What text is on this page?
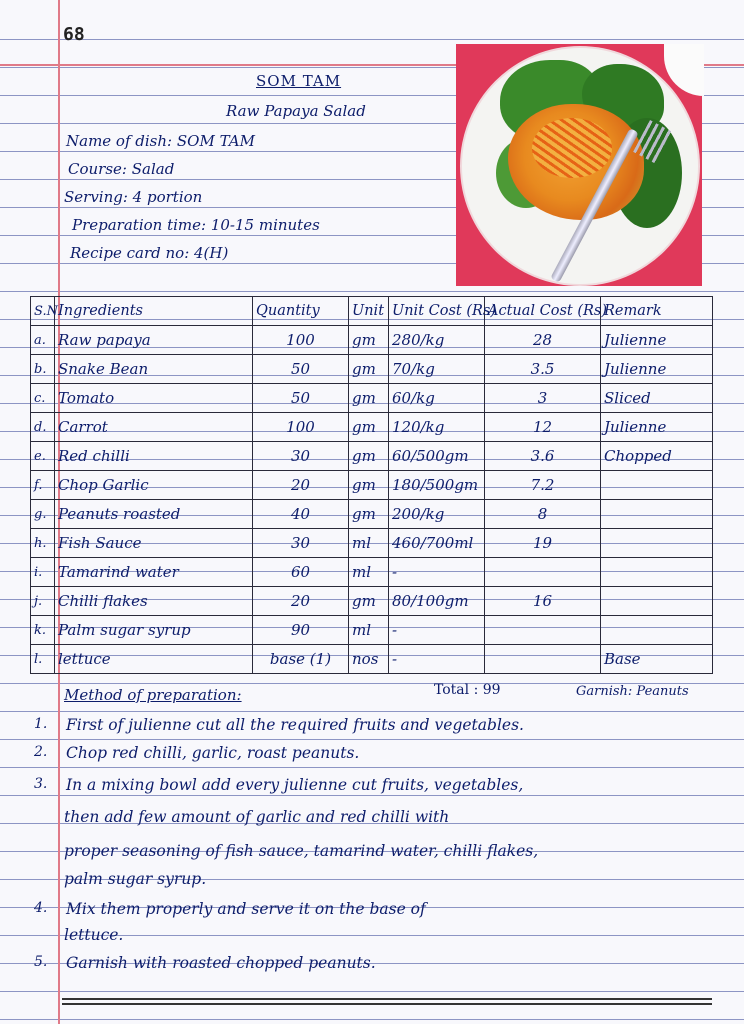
68
SOM TAM
Raw Papaya Salad
Name of dish: SOM TAM
Course: Salad
Serving: 4 portion
Preparation time: 10-15 minutes
Recipe card no: 4(H)
S.N	Ingredients	Quantity	Unit	Unit Cost (Rs)	Actual Cost (Rs)	Remark
a.	Raw papaya	100	gm	280/kg	28	Julienne
b.	Snake Bean	50	gm	70/kg	3.5	Julienne
c.	Tomato	50	gm	60/kg	3	Sliced
d.	Carrot	100	gm	120/kg	12	Julienne
e.	Red chilli	30	gm	60/500gm	3.6	Chopped
f.	Chop Garlic	20	gm	180/500gm	7.2	
g.	Peanuts roasted	40	gm	200/kg	8	
h.	Fish Sauce	30	ml	460/700ml	19	
i.	Tamarind water	60	ml	-		
j.	Chilli flakes	20	gm	80/100gm	16	
k.	Palm sugar syrup	90	ml	-		
l.	lettuce	base (1)	nos	-		Base
Total : 99	Garnish: Peanuts
Method of preparation:
1. First of julienne cut all the required fruits and vegetables.
2. Chop red chilli, garlic, roast peanuts.
3. In a mixing bowl add every julienne cut fruits, vegetables,
then add few amount of garlic and red chilli with
proper seasoning of fish sauce, tamarind water, chilli flakes,
palm sugar syrup.
4. Mix them properly and serve it on the base of
lettuce.
5. Garnish with roasted chopped peanuts.
